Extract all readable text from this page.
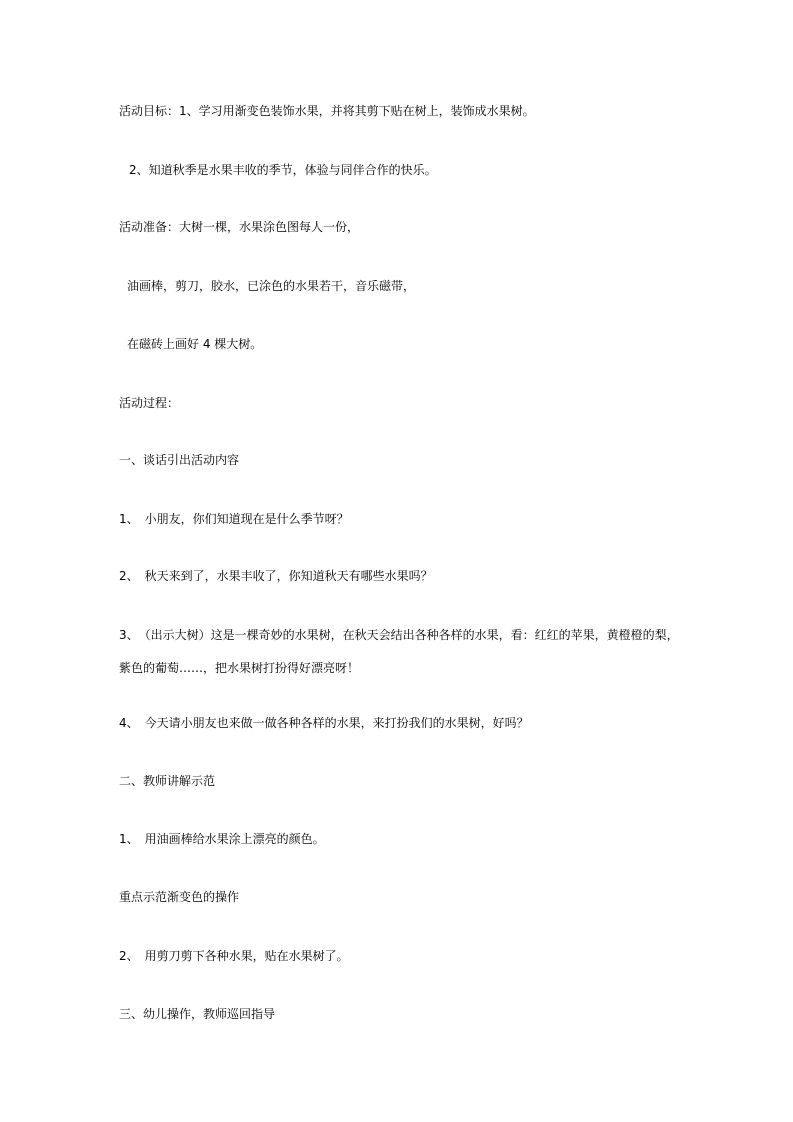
活动目标：1、学习用渐变色装饰水果，并将其剪下贴在树上，装饰成水果树。
2、知道秋季是水果丰收的季节，体验与同伴合作的快乐。
活动准备：大树一棵，水果涂色图每人一份，
油画棒，剪刀，胶水，已涂色的水果若干，音乐磁带，
在磁砖上画好 4 棵大树。
活动过程：
一、谈话引出活动内容
1、　小朋友，你们知道现在是什么季节呀？
2、　秋天来到了，水果丰收了，你知道秋天有哪些水果吗？
3、　（出示大树）这是一棵奇妙的水果树，在秋天会结出各种各样的水果，看：红红的苹果，黄橙橙的梨，
紫色的葡萄……，把水果树打扮得好漂亮呀！
4、　今天请小朋友也来做一做各种各样的水果，来打扮我们的水果树，好吗？
二、教师讲解示范
1、　用油画棒给水果涂上漂亮的颜色。
重点示范渐变色的操作
2、　用剪刀剪下各种水果，贴在水果树了。
三、幼儿操作，教师巡回指导
